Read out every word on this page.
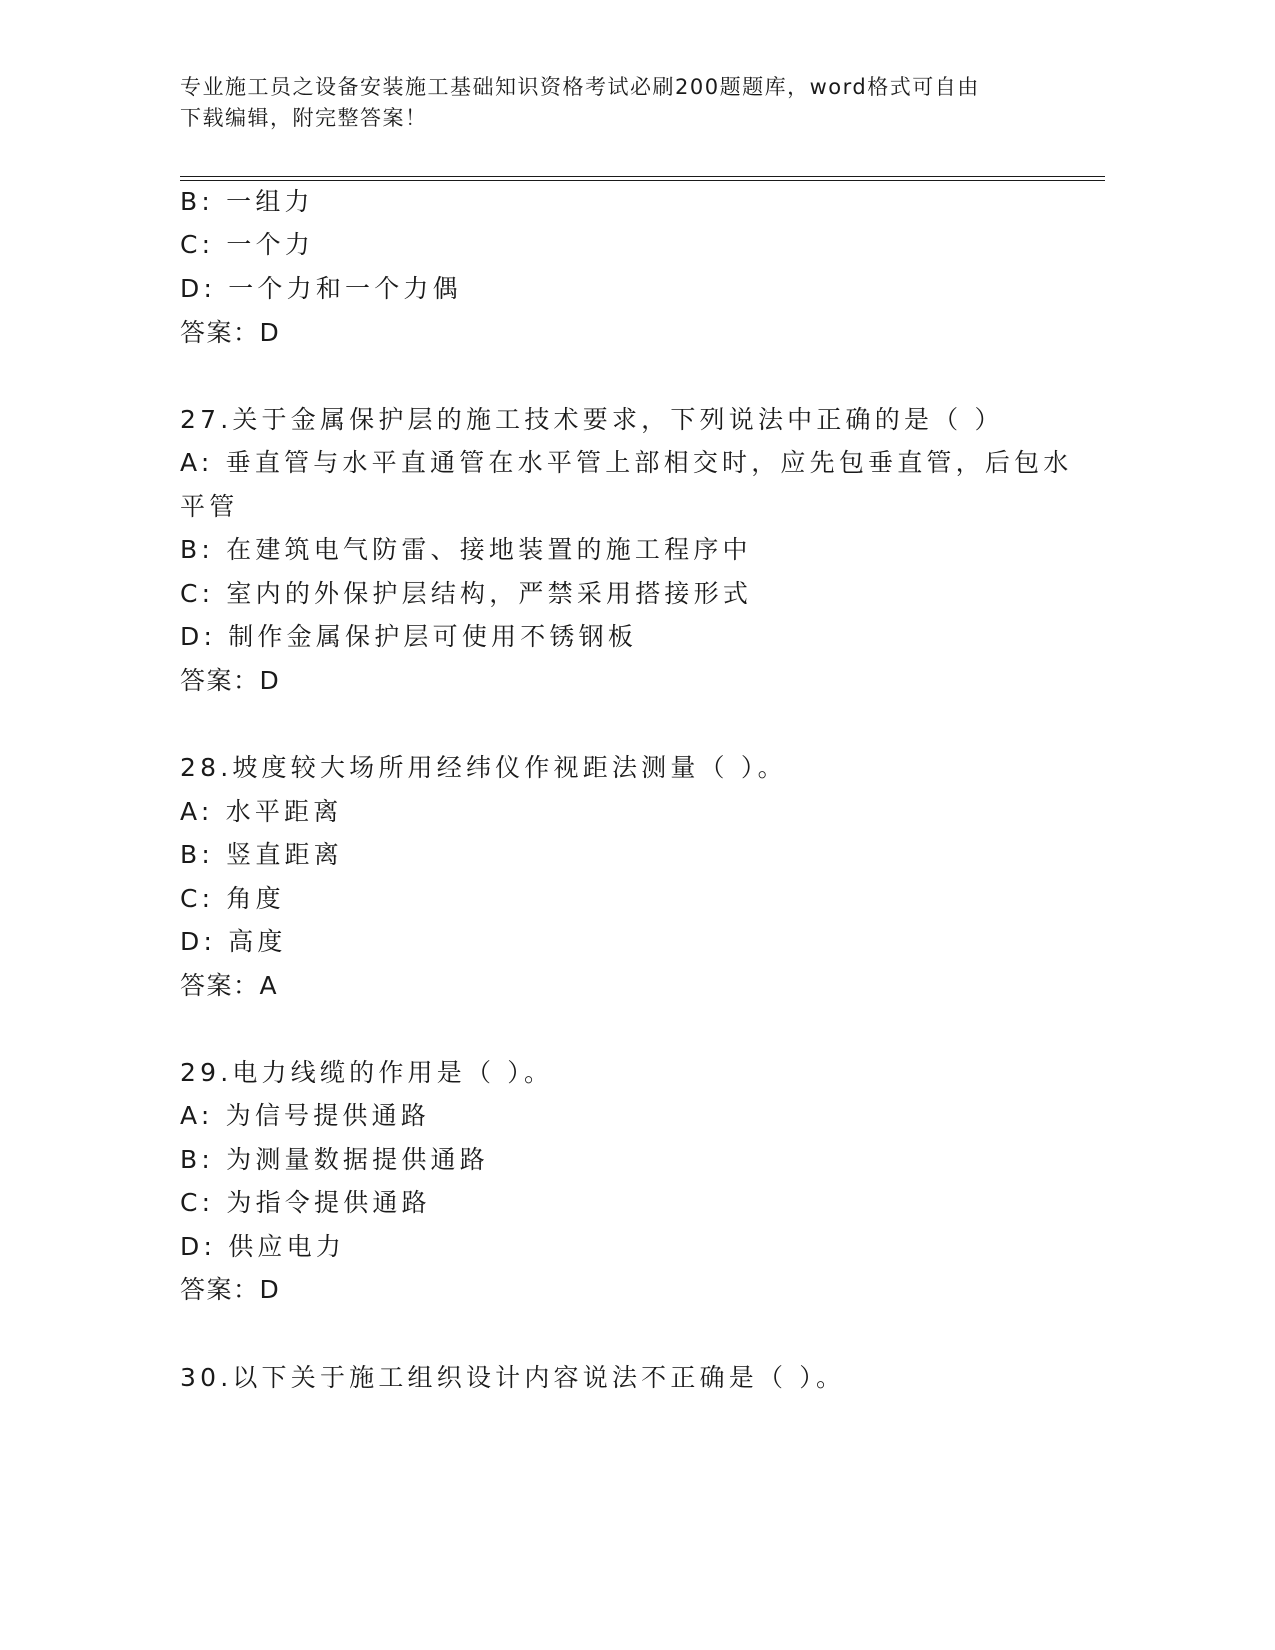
专业施工员之设备安装施工基础知识资格考试必刷200题题库，word格式可自由
下载编辑，附完整答案！
B: 一组力
C: 一个力
D: 一个力和一个力偶
答案：D
27.关于金属保护层的施工技术要求，下列说法中正确的是（ ）
A: 垂直管与水平直通管在水平管上部相交时，应先包垂直管，后包水
平管
B: 在建筑电气防雷、接地装置的施工程序中
C: 室内的外保护层结构，严禁采用搭接形式
D: 制作金属保护层可使用不锈钢板
答案：D
28.坡度较大场所用经纬仪作视距法测量（ ）。
A: 水平距离
B: 竖直距离
C: 角度
D: 高度
答案：A
29.电力线缆的作用是（ ）。
A: 为信号提供通路
B: 为测量数据提供通路
C: 为指令提供通路
D: 供应电力
答案：D
30.以下关于施工组织设计内容说法不正确是（ ）。
